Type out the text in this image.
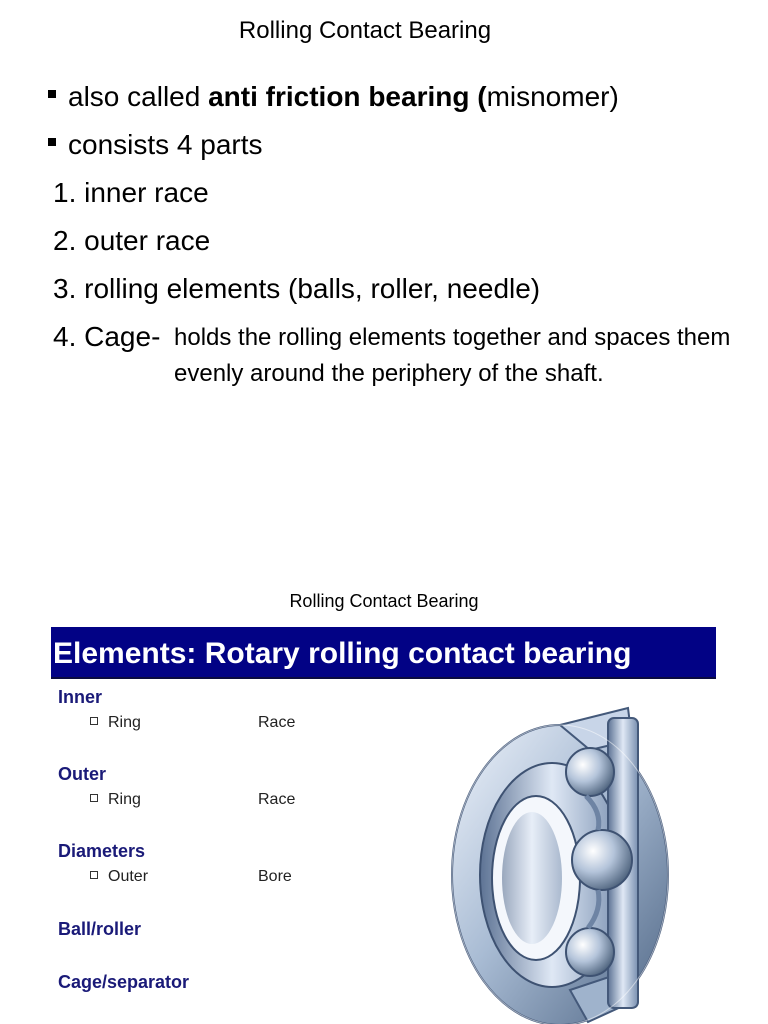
Rolling Contact Bearing
also called anti friction bearing (misnomer)
consists 4 parts
1. inner race
2. outer race
3. rolling elements (balls, roller, needle)
4. Cage- holds the rolling elements together and spaces them evenly around the periphery of the shaft.
Rolling Contact Bearing
Elements: Rotary rolling contact bearing
Inner
Ring	Race
Outer
Ring	Race
Diameters
Outer	Bore
Ball/roller
Cage/separator
